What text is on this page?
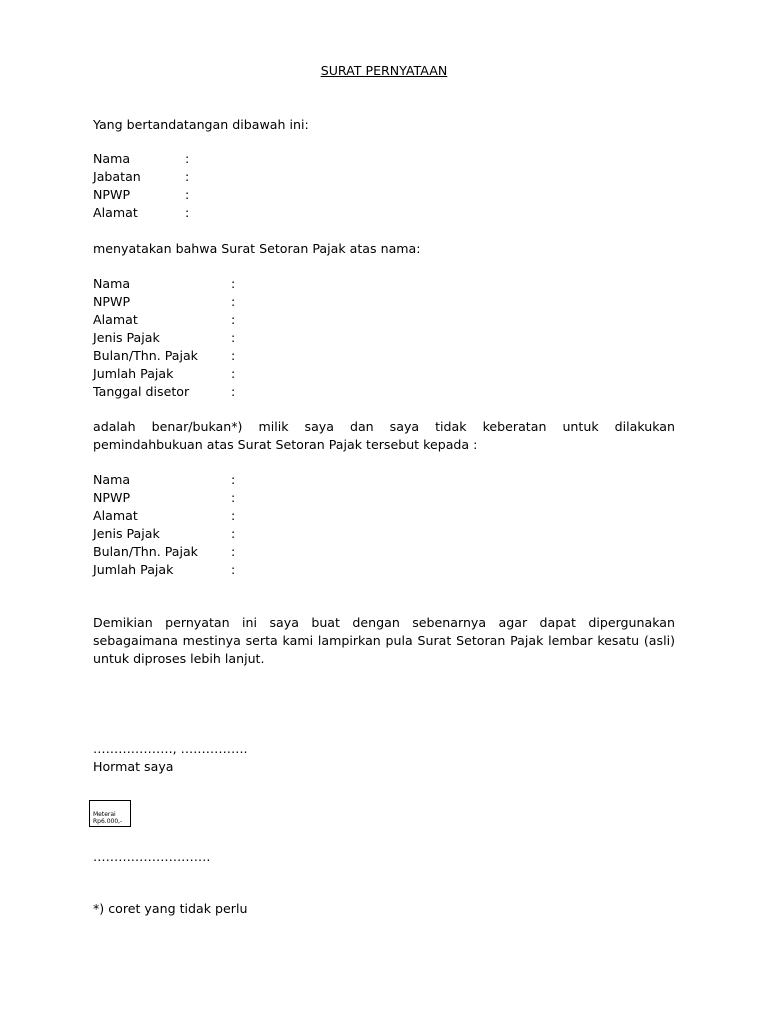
SURAT PERNYATAAN
Yang bertandatangan dibawah ini:
Nama	:
Jabatan	:
NPWP	:
Alamat	:
menyatakan bahwa Surat Setoran Pajak atas nama:
Nama	:
NPWP	:
Alamat	:
Jenis Pajak	:
Bulan/Thn. Pajak	:
Jumlah Pajak	:
Tanggal disetor	:
adalah benar/bukan*) milik saya dan saya tidak keberatan untuk dilakukan
pemindahbukuan atas Surat Setoran Pajak tersebut kepada :
Nama	:
NPWP	:
Alamat	:
Jenis Pajak	:
Bulan/Thn. Pajak	:
Jumlah Pajak	:
Demikian pernyatan ini saya buat dengan sebenarnya agar dapat dipergunakan
sebagaimana mestinya serta kami lampirkan pula Surat Setoran Pajak lembar kesatu (asli)
untuk diproses lebih lanjut.
………………., …………….
Hormat saya
Meterai
Rp6.000,-
……………………….
*) coret yang tidak perlu
